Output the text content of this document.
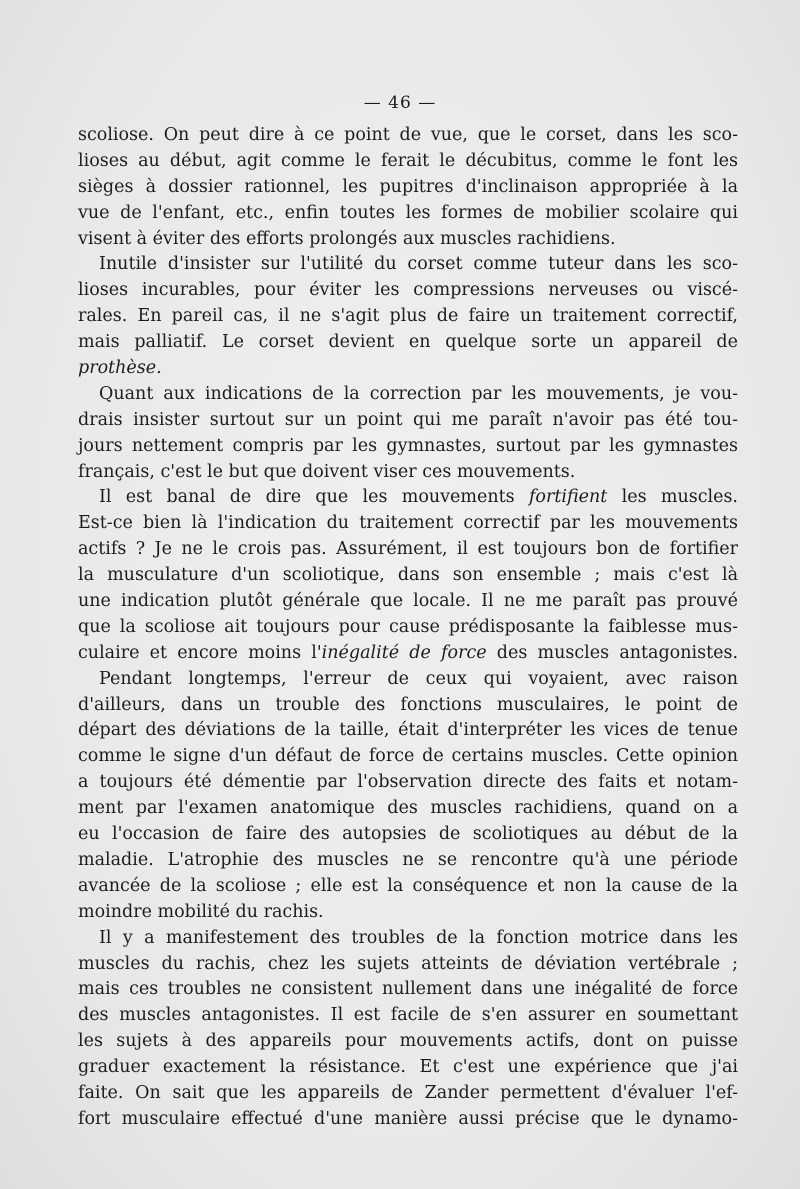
— 46 —

scoliose. On peut dire à ce point de vue, que le corset, dans les sco-
lioses au début, agit comme le ferait le décubitus, comme le font les
sièges à dossier rationnel, les pupitres d'inclinaison appropriée à la
vue de l'enfant, etc., enfin toutes les formes de mobilier scolaire qui
visent à éviter des efforts prolongés aux muscles rachidiens.

Inutile d'insister sur l'utilité du corset comme tuteur dans les sco-
lioses incurables, pour éviter les compressions nerveuses ou viscé-
rales. En pareil cas, il ne s'agit plus de faire un traitement correctif,
mais palliatif. Le corset devient en quelque sorte un appareil de
prothèse.

Quant aux indications de la correction par les mouvements, je vou-
drais insister surtout sur un point qui me paraît n'avoir pas été tou-
jours nettement compris par les gymnastes, surtout par les gymnastes
français, c'est le but que doivent viser ces mouvements.

Il est banal de dire que les mouvements fortifient les muscles.
Est-ce bien là l'indication du traitement correctif par les mouvements
actifs ? Je ne le crois pas. Assurément, il est toujours bon de fortifier
la musculature d'un scoliotique, dans son ensemble ; mais c'est là
une indication plutôt générale que locale. Il ne me paraît pas prouvé
que la scoliose ait toujours pour cause prédisposante la faiblesse mus-
culaire et encore moins l'inégalité de force des muscles antagonistes.

Pendant longtemps, l'erreur de ceux qui voyaient, avec raison
d'ailleurs, dans un trouble des fonctions musculaires, le point de
départ des déviations de la taille, était d'interpréter les vices de tenue
comme le signe d'un défaut de force de certains muscles. Cette opinion
a toujours été démentie par l'observation directe des faits et notam-
ment par l'examen anatomique des muscles rachidiens, quand on a
eu l'occasion de faire des autopsies de scoliotiques au début de la
maladie. L'atrophie des muscles ne se rencontre qu'à une période
avancée de la scoliose ; elle est la conséquence et non la cause de la
moindre mobilité du rachis.

Il y a manifestement des troubles de la fonction motrice dans les
muscles du rachis, chez les sujets atteints de déviation vertébrale ;
mais ces troubles ne consistent nullement dans une inégalité de force
des muscles antagonistes. Il est facile de s'en assurer en soumettant
les sujets à des appareils pour mouvements actifs, dont on puisse
graduer exactement la résistance. Et c'est une expérience que j'ai
faite. On sait que les appareils de Zander permettent d'évaluer l'ef-
fort musculaire effectué d'une manière aussi précise que le dynamo-
